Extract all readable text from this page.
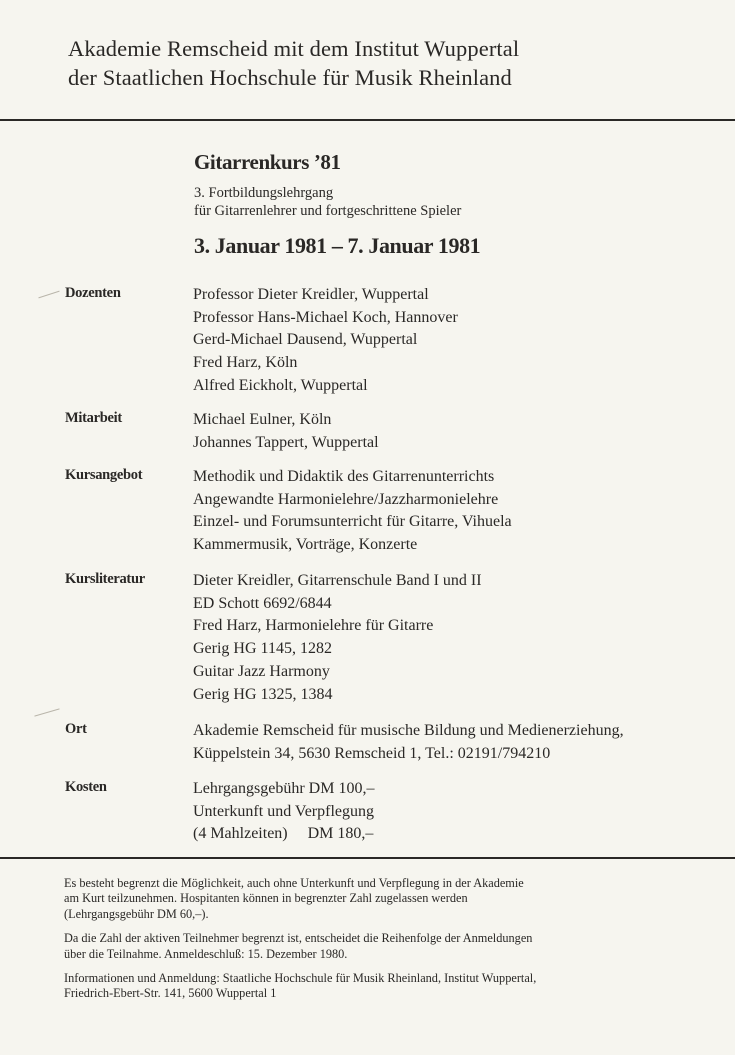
Akademie Remscheid mit dem Institut Wuppertal
der Staatlichen Hochschule für Musik Rheinland
Gitarrenkurs ’81
3. Fortbildungslehrgang
für Gitarrenlehrer und fortgeschrittene Spieler
3. Januar 1981 – 7. Januar 1981
Dozenten	Professor Dieter Kreidler, Wuppertal
Professor Hans-Michael Koch, Hannover
Gerd-Michael Dausend, Wuppertal
Fred Harz, Köln
Alfred Eickholt, Wuppertal
Mitarbeit	Michael Eulner, Köln
Johannes Tappert, Wuppertal
Kursangebot	Methodik und Didaktik des Gitarrenunterrichts
Angewandte Harmonielehre/Jazzharmonielehre
Einzel- und Forumsunterricht für Gitarre, Vihuela
Kammermusik, Vorträge, Konzerte
Kursliteratur	Dieter Kreidler, Gitarrenschule Band I und II
ED Schott 6692/6844
Fred Harz, Harmonielehre für Gitarre
Gerig HG 1145, 1282
Guitar Jazz Harmony
Gerig HG 1325, 1384
Ort	Akademie Remscheid für musische Bildung und Medienerziehung,
Küppelstein 34, 5630 Remscheid 1, Tel.: 02191/794210
Kosten	Lehrgangsgebühr DM 100,–
Unterkunft und Verpflegung
(4 Mahlzeiten)     DM 180,–
Es besteht begrenzt die Möglichkeit, auch ohne Unterkunft und Verpflegung in der Akademie
am Kurt teilzunehmen. Hospitanten können in begrenzter Zahl zugelassen werden
(Lehrgangsgebühr DM 60,–).
Da die Zahl der aktiven Teilnehmer begrenzt ist, entscheidet die Reihenfolge der Anmeldungen
über die Teilnahme. Anmeldeschluß: 15. Dezember 1980.
Informationen und Anmeldung: Staatliche Hochschule für Musik Rheinland, Institut Wuppertal,
Friedrich-Ebert-Str. 141, 5600 Wuppertal 1
